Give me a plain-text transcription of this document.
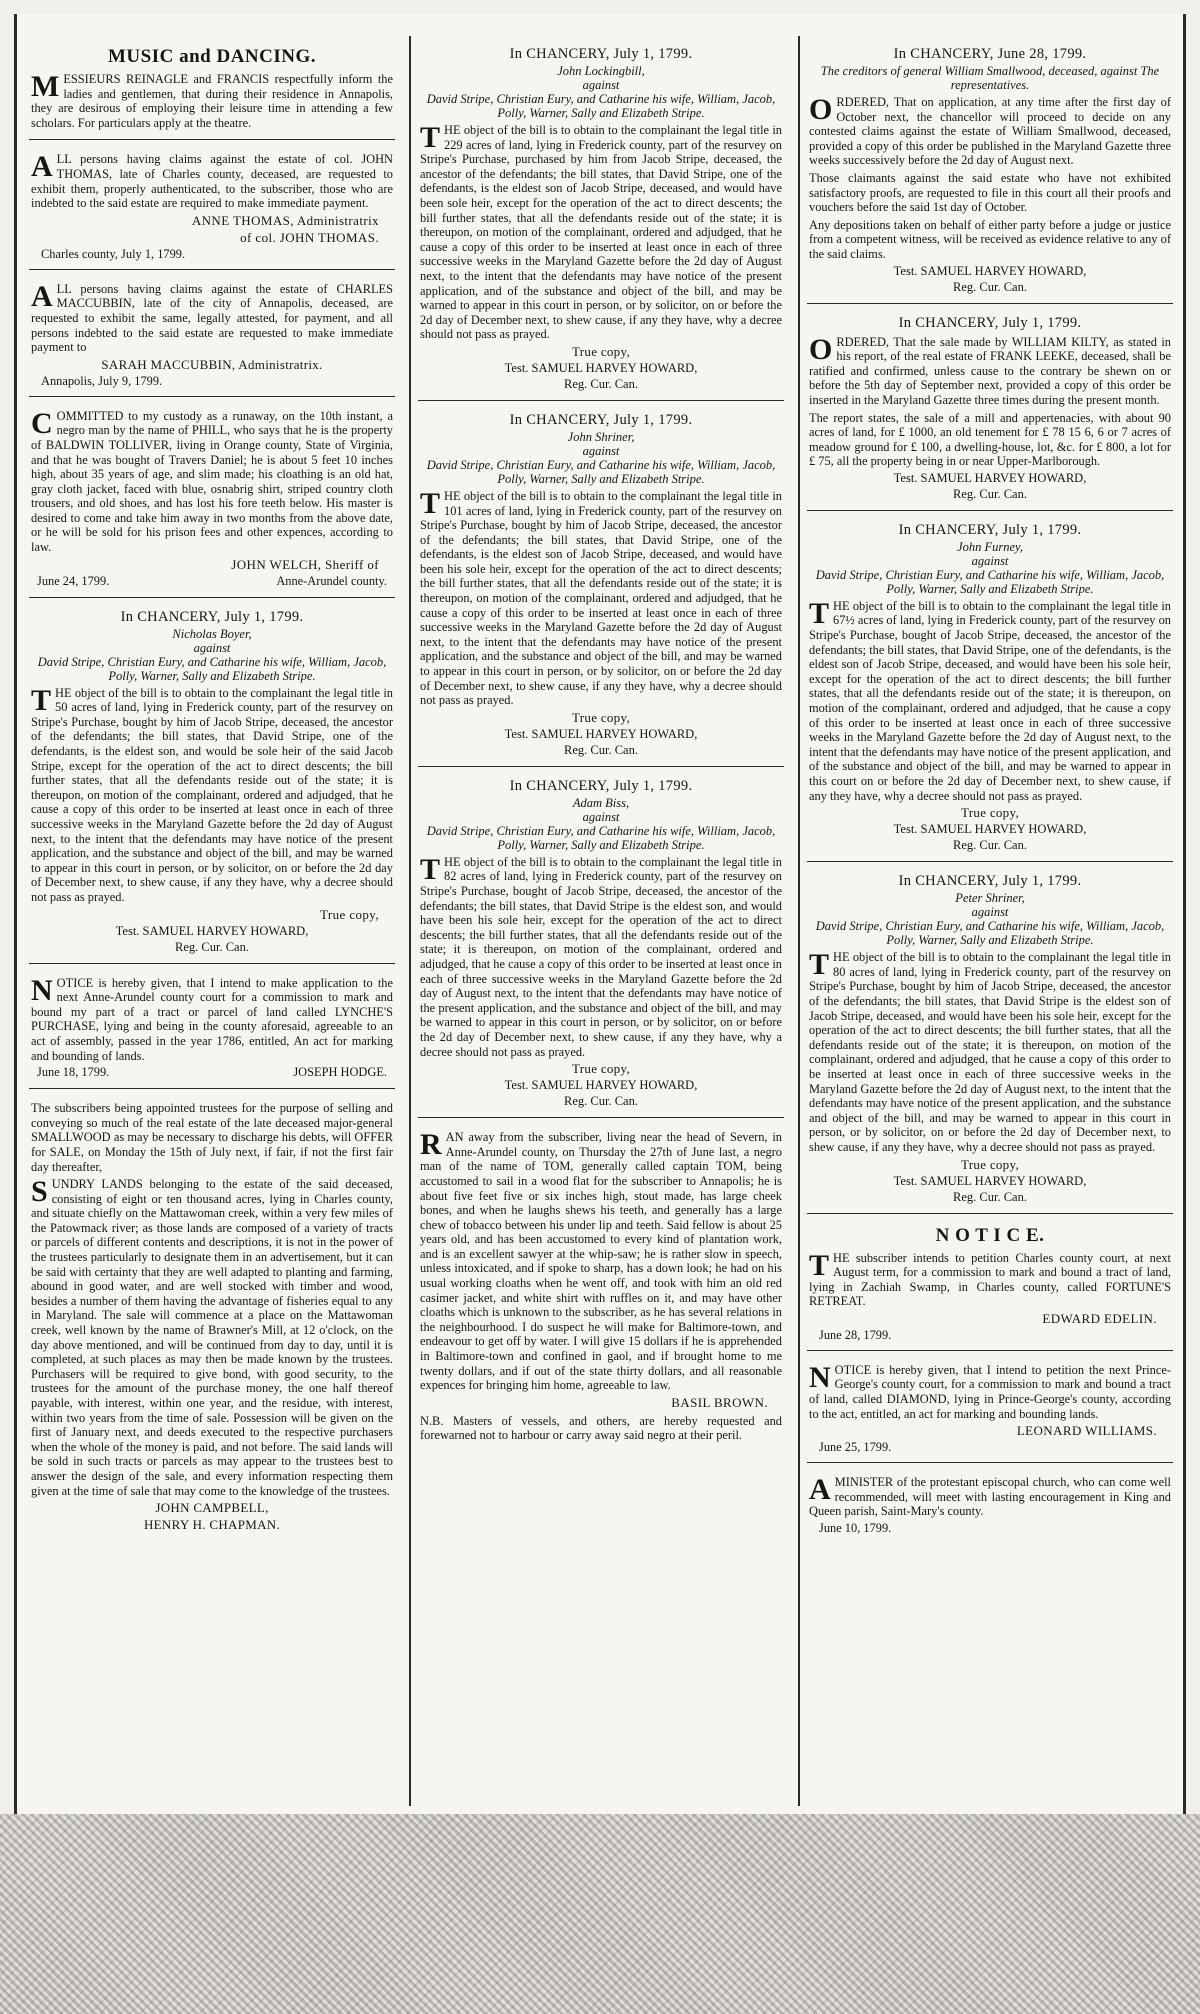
MUSIC and DANCING.

MESSIEURS REINAGLE and FRANCIS respectfully inform the ladies and gentlemen, that during their residence in Annapolis, they are desirous of employing their leisure time in attending a few scholars. For particulars apply at the theatre.

ALL persons having claims against the estate of col. JOHN THOMAS, late of Charles county, deceased, are requested to exhibit them, properly authenticated, to the subscriber, those who are indebted to the said estate are required to make immediate payment.

ANNE THOMAS, Administratrix
of col. JOHN THOMAS.
Charles county, July 1, 1799.

ALL persons having claims against the estate of CHARLES MACCUBBIN, late of the city of Annapolis, deceased, are requested to exhibit the same, legally attested, for payment, and all persons indebted to the said estate are requested to make immediate payment to

SARAH MACCUBBIN, Administratrix.
Annapolis, July 9, 1799.

COMMITTED to my custody as a runaway, on the 10th instant, a negro man by the name of PHILL, who says that he is the property of BALDWIN TOLLIVER, living in Orange county, State of Virginia, and that he was bought of Travers Daniel; he is about 5 feet 10 inches high, about 35 years of age, and slim made; his cloathing is an old hat, gray cloth jacket, faced with blue, osnabrig shirt, striped country cloth trousers, and old shoes, and has lost his fore teeth below. His master is desired to come and take him away in two months from the above date, or he will be sold for his prison fees and other expences, according to law.

JOHN WELCH, Sheriff of
June 24, 1799.	Anne-Arundel county.
In CHANCERY, July 1, 1799.

Nicholas Boyer,

against

David Stripe, Christian Eury, and Catharine his wife, William, Jacob, Polly, Warner, Sally and Elizabeth Stripe.

THE object of the bill is to obtain to the complainant the legal title in 50 acres of land, lying in Frederick county, part of the resurvey on Stripe's Purchase, bought by him of Jacob Stripe, deceased, the ancestor of the defendants; the bill states, that David Stripe, one of the defendants, is the eldest son, and would be sole heir of the said Jacob Stripe, except for the operation of the act to direct descents; the bill further states, that all the defendants reside out of the state; it is thereupon, on motion of the complainant, ordered and adjudged, that he cause a copy of this order to be inserted at least once in each of three successive weeks in the Maryland Gazette before the 2d day of August next, to the intent that the defendants may have notice of the present application, and the substance and object of the bill, and may be warned to appear in this court in person, or by solicitor, on or before the 2d day of December next, to shew cause, if any they have, why a decree should not pass as prayed.

True copy,
Test. SAMUEL HARVEY HOWARD,
Reg. Cur. Can.

NOTICE is hereby given, that I intend to make application to the next Anne-Arundel county court for a commission to mark and bound my part of a tract or parcel of land called LYNCHE'S PURCHASE, lying and being in the county aforesaid, agreeable to an act of assembly, passed in the year 1786, entitled, An act for marking and bounding of lands.

June 18, 1799.	JOSEPH HODGE.

The subscribers being appointed trustees for the purpose of selling and conveying so much of the real estate of the late deceased major-general SMALLWOOD as may be necessary to discharge his debts, will OFFER for SALE, on Monday the 15th of July next, if fair, if not the first fair day thereafter,

SUNDRY LANDS belonging to the estate of the said deceased, consisting of eight or ten thousand acres, lying in Charles county, and situate chiefly on the Mattawoman creek, within a very few miles of the Patowmack river; as those lands are composed of a variety of tracts or parcels of different contents and descriptions, it is not in the power of the trustees particularly to designate them in an advertisement, but it can be said with certainty that they are well adapted to planting and farming, abound in good water, and are well stocked with timber and wood, besides a number of them having the advantage of fisheries equal to any in Maryland. The sale will commence at a place on the Mattawoman creek, well known by the name of Brawner's Mill, at 12 o'clock, on the day above mentioned, and will be continued from day to day, until it is completed, at such places as may then be made known by the trustees. Purchasers will be required to give bond, with good security, to the trustees for the amount of the purchase money, the one half thereof payable, with interest, within one year, and the residue, with interest, within two years from the time of sale. Possession will be given on the first of January next, and deeds executed to the respective purchasers when the whole of the money is paid, and not before. The said lands will be sold in such tracts or parcels as may appear to the trustees best to answer the design of the sale, and every information respecting them given at the time of sale that may come to the knowledge of the trustees.

JOHN CAMPBELL,
HENRY H. CHAPMAN.
In CHANCERY, July 1, 1799.

John Lockingbill,

against

David Stripe, Christian Eury, and Catharine his wife, William, Jacob, Polly, Warner, Sally and Elizabeth Stripe.

THE object of the bill is to obtain to the complainant the legal title in 229 acres of land, lying in Frederick county, part of the resurvey on Stripe's Purchase, purchased by him from Jacob Stripe, deceased, the ancestor of the defendants; the bill states, that David Stripe, one of the defendants, is the eldest son of Jacob Stripe, deceased, and would have been sole heir, except for the operation of the act to direct descents; the bill further states, that all the defendants reside out of the state; it is thereupon, on motion of the complainant, ordered and adjudged, that he cause a copy of this order to be inserted at least once in each of three successive weeks in the Maryland Gazette before the 2d day of August next, to the intent that the defendants may have notice of the present application, and of the substance and object of the bill, and may be warned to appear in this court in person, or by solicitor, on or before the 2d day of December next, to shew cause, if any they have, why a decree should not pass as prayed.

True copy,
Test. SAMUEL HARVEY HOWARD,
Reg. Cur. Can.
In CHANCERY, July 1, 1799.

John Shriner,

against

David Stripe, Christian Eury, and Catharine his wife, William, Jacob, Polly, Warner, Sally and Elizabeth Stripe.

THE object of the bill is to obtain to the complainant the legal title in 101 acres of land, lying in Frederick county, part of the resurvey on Stripe's Purchase, bought by him of Jacob Stripe, deceased, the ancestor of the defendants; the bill states, that David Stripe, one of the defendants, is the eldest son of Jacob Stripe, deceased, and would have been his sole heir, except for the operation of the act to direct descents; the bill further states, that all the defendants reside out of the state; it is thereupon, on motion of the complainant, ordered and adjudged, that he cause a copy of this order to be inserted at least once in each of three successive weeks in the Maryland Gazette before the 2d day of August next, to the intent that the defendants may have notice of the present application, and the substance and object of the bill, and may be warned to appear in this court in person, or by solicitor, on or before the 2d day of December next, to shew cause, if any they have, why a decree should not pass as prayed.

True copy,
Test. SAMUEL HARVEY HOWARD,
Reg. Cur. Can.
In CHANCERY, July 1, 1799.

Adam Biss,

against

David Stripe, Christian Eury, and Catharine his wife, William, Jacob, Polly, Warner, Sally and Elizabeth Stripe.

THE object of the bill is to obtain to the complainant the legal title in 82 acres of land, lying in Frederick county, part of the resurvey on Stripe's Purchase, bought of Jacob Stripe, deceased, the ancestor of the defendants; the bill states, that David Stripe is the eldest son, and would have been his sole heir, except for the operation of the act to direct descents; the bill further states, that all the defendants reside out of the state; it is thereupon, on motion of the complainant, ordered and adjudged, that he cause a copy of this order to be inserted at least once in each of three successive weeks in the Maryland Gazette before the 2d day of August next, to the intent that the defendants may have notice of the present application, and the substance and object of the bill, and may be warned to appear in this court in person, or by solicitor, on or before the 2d day of December next, to shew cause, if any they have, why a decree should not pass as prayed.

True copy,
Test. SAMUEL HARVEY HOWARD,
Reg. Cur. Can.

RAN away from the subscriber, living near the head of Severn, in Anne-Arundel county, on Thursday the 27th of June last, a negro man of the name of TOM, generally called captain TOM, being accustomed to sail in a wood flat for the subscriber to Annapolis; he is about five feet five or six inches high, stout made, has large cheek bones, and when he laughs shews his teeth, and generally has a large chew of tobacco between his under lip and teeth. Said fellow is about 25 years old, and has been accustomed to every kind of plantation work, and is an excellent sawyer at the whip-saw; he is rather slow in speech, unless intoxicated, and if spoke to sharp, has a down look; he had on his usual working cloaths when he went off, and took with him an old red casimer jacket, and white shirt with ruffles on it, and may have other cloaths which is unknown to the subscriber, as he has several relations in the neighbourhood. I do suspect he will make for Baltimore-town, and endeavour to get off by water. I will give 15 dollars if he is apprehended in Baltimore-town and confined in gaol, and if brought home to me twenty dollars, and if out of the state thirty dollars, and all reasonable expences for bringing him home, agreeable to law.

BASIL BROWN.

N.B. Masters of vessels, and others, are hereby requested and forewarned not to harbour or carry away said negro at their peril.

In CHANCERY, June 28, 1799.

The creditors of general William Smallwood, deceased, against The representatives.

ORDERED, That on application, at any time after the first day of October next, the chancellor will proceed to decide on any contested claims against the estate of William Smallwood, deceased, provided a copy of this order be published in the Maryland Gazette three weeks successively before the 2d day of August next.

Those claimants against the said estate who have not exhibited satisfactory proofs, are requested to file in this court all their proofs and vouchers before the said 1st day of October.

Any depositions taken on behalf of either party before a judge or justice from a competent witness, will be received as evidence relative to any of the said claims.

Test. SAMUEL HARVEY HOWARD,
Reg. Cur. Can.
In CHANCERY, July 1, 1799.

ORDERED, That the sale made by WILLIAM KILTY, as stated in his report, of the real estate of FRANK LEEKE, deceased, shall be ratified and confirmed, unless cause to the contrary be shewn on or before the 5th day of September next, provided a copy of this order be inserted in the Maryland Gazette three times during the present month.

The report states, the sale of a mill and appertenacies, with about 90 acres of land, for £ 1000, an old tenement for £ 78 15 6, 6 or 7 acres of meadow ground for £ 100, a dwelling-house, lot, &c. for £ 800, a lot for £ 75, all the property being in or near Upper-Marlborough.

Test. SAMUEL HARVEY HOWARD,
Reg. Cur. Can.
In CHANCERY, July 1, 1799.

John Furney,

against

David Stripe, Christian Eury, and Catharine his wife, William, Jacob, Polly, Warner, Sally and Elizabeth Stripe.

THE object of the bill is to obtain to the complainant the legal title in 67½ acres of land, lying in Frederick county, part of the resurvey on Stripe's Purchase, bought of Jacob Stripe, deceased, the ancestor of the defendants; the bill states, that David Stripe, one of the defendants, is the eldest son of Jacob Stripe, deceased, and would have been his sole heir, except for the operation of the act to direct descents; the bill further states, that all the defendants reside out of the state; it is thereupon, on motion of the complainant, ordered and adjudged, that he cause a copy of this order to be inserted at least once in each of three successive weeks in the Maryland Gazette before the 2d day of August next, to the intent that the defendants may have notice of the present application, and of the substance and object of the bill, and may be warned to appear in this court on or before the 2d day of December next, to shew cause, if any they have, why a decree should not pass as prayed.

True copy,
Test. SAMUEL HARVEY HOWARD,
Reg. Cur. Can.
In CHANCERY, July 1, 1799.

Peter Shriner,

against

David Stripe, Christian Eury, and Catharine his wife, William, Jacob, Polly, Warner, Sally and Elizabeth Stripe.

THE object of the bill is to obtain to the complainant the legal title in 80 acres of land, lying in Frederick county, part of the resurvey on Stripe's Purchase, bought by him of Jacob Stripe, deceased, the ancestor of the defendants; the bill states, that David Stripe is the eldest son of Jacob Stripe, deceased, and would have been his sole heir, except for the operation of the act to direct descents; the bill further states, that all the defendants reside out of the state; it is thereupon, on motion of the complainant, ordered and adjudged, that he cause a copy of this order to be inserted at least once in each of three successive weeks in the Maryland Gazette before the 2d day of August next, to the intent that the defendants may have notice of the present application, and the substance and object of the bill, and may be warned to appear in this court in person, or by solicitor, on or before the 2d day of December next, to shew cause, if any they have, why a decree should not pass as prayed.

True copy,
Test. SAMUEL HARVEY HOWARD,
Reg. Cur. Can.
N O T I C E.

THE subscriber intends to petition Charles county court, at next August term, for a commission to mark and bound a tract of land, lying in Zachiah Swamp, in Charles county, called FORTUNE'S RETREAT.

EDWARD EDELIN.
June 28, 1799.

NOTICE is hereby given, that I intend to petition the next Prince-George's county court, for a commission to mark and bound a tract of land, called DIAMOND, lying in Prince-George's county, according to the act, entitled, an act for marking and bounding lands.

LEONARD WILLIAMS.
June 25, 1799.

AMINISTER of the protestant episcopal church, who can come well recommended, will meet with lasting encouragement in King and Queen parish, Saint-Mary's county.

June 10, 1799.
